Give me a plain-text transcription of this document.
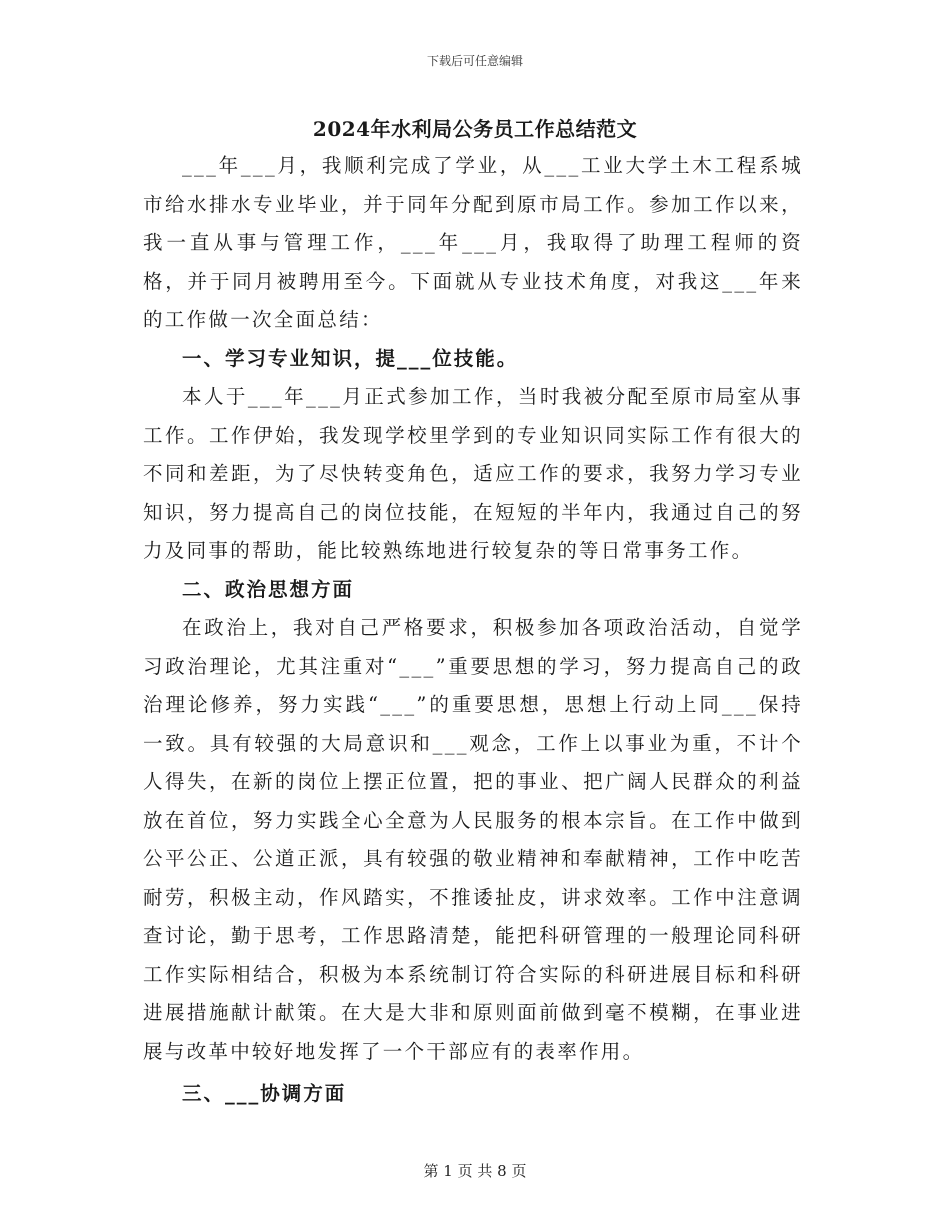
下载后可任意编辑
2024年水利局公务员工作总结范文

___年___月，我顺利完成了学业，从___工业大学土木工程系城市给水排水专业毕业，并于同年分配到原市局工作。参加工作以来，我一直从事与管理工作，___年___月，我取得了助理工程师的资格，并于同月被聘用至今。下面就从专业技术角度，对我这___年来的工作做一次全面总结：

一、学习专业知识，提___位技能。

本人于___年___月正式参加工作，当时我被分配至原市局室从事工作。工作伊始，我发现学校里学到的专业知识同实际工作有很大的不同和差距，为了尽快转变角色，适应工作的要求，我努力学习专业知识，努力提高自己的岗位技能，在短短的半年内，我通过自己的努力及同事的帮助，能比较熟练地进行较复杂的等日常事务工作。

二、政治思想方面

在政治上，我对自己严格要求，积极参加各项政治活动，自觉学习政治理论，尤其注重对“___”重要思想的学习，努力提高自己的政治理论修养，努力实践“___”的重要思想，思想上行动上同___保持一致。具有较强的大局意识和___观念，工作上以事业为重，不计个人得失，在新的岗位上摆正位置，把的事业、把广阔人民群众的利益放在首位，努力实践全心全意为人民服务的根本宗旨。在工作中做到公平公正、公道正派，具有较强的敬业精神和奉献精神，工作中吃苦耐劳，积极主动，作风踏实，不推诿扯皮，讲求效率。工作中注意调查讨论，勤于思考，工作思路清楚，能把科研管理的一般理论同科研工作实际相结合，积极为本系统制订符合实际的科研进展目标和科研进展措施献计献策。在大是大非和原则面前做到毫不模糊，在事业进展与改革中较好地发挥了一个干部应有的表率作用。

三、___协调方面
第 1 页 共 8 页
